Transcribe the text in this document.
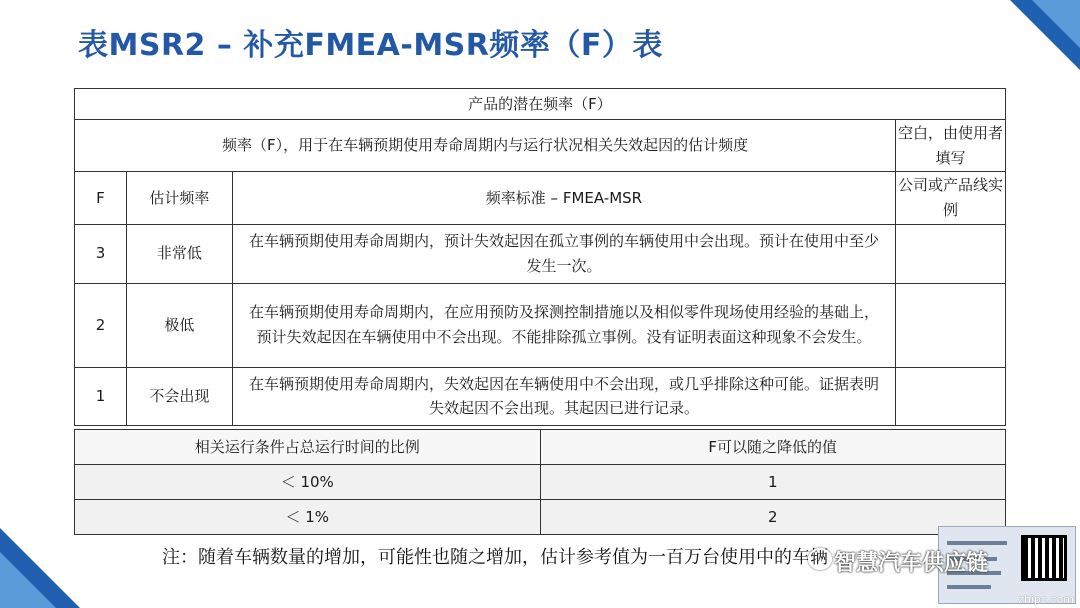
表MSR2 – 补充FMEA-MSR频率（F）表
产品的潜在频率（F）			
频率（F），用于在车辆预期使用寿命周期内与运行状况相关失效起因的估计频度			空白，由使用者填写
F	估计频率	频率标准 – FMEA-MSR	公司或产品线实例
3	非常低	在车辆预期使用寿命周期内，预计失效起因在孤立事例的车辆使用中会出现。预计在使用中至少发生一次。	
2	极低	在车辆预期使用寿命周期内，在应用预防及探测控制措施以及相似零件现场使用经验的基础上，预计失效起因在车辆使用中不会出现。不能排除孤立事例。没有证明表面这种现象不会发生。	
1	不会出现	在车辆预期使用寿命周期内，失效起因在车辆使用中不会出现，或几乎排除这种可能。证据表明失效起因不会出现。其起因已进行记录。	
相关运行条件占总运行时间的比例	F可以随之降低的值
＜ 10%	1
＜ 1%	2
注：随着车辆数量的增加，可能性也随之增加，估计参考值为一百万台使用中的车辆 智慧汽车供应链
zhipc.com
